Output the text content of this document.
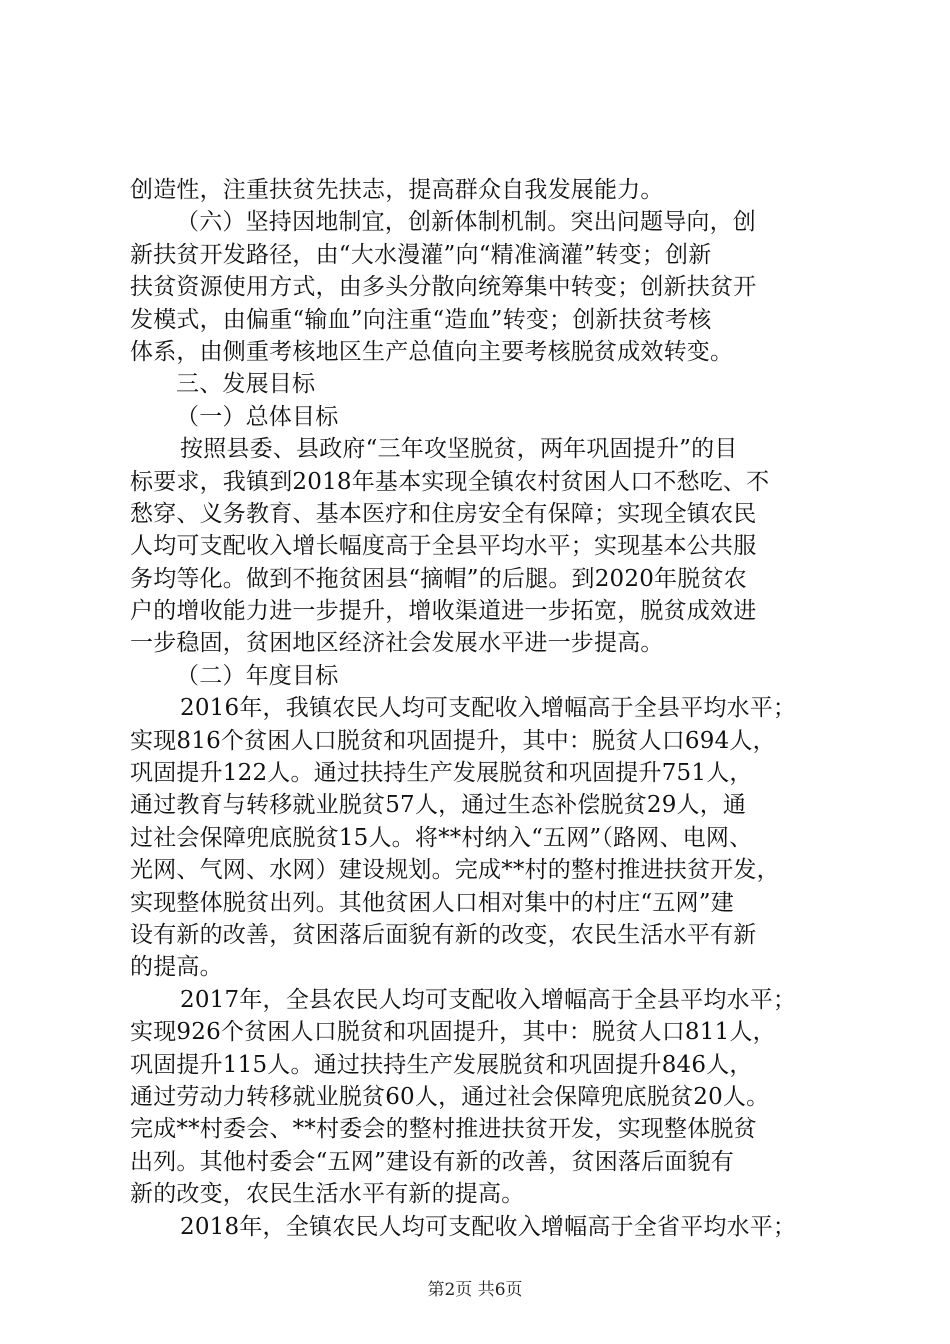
创造性，注重扶贫先扶志，提高群众自我发展能力。
（六）坚持因地制宜，创新体制机制。突出问题导向，创
新扶贫开发路径，由“大水漫灌”向“精准滴灌”转变；创新
扶贫资源使用方式，由多头分散向统筹集中转变；创新扶贫开
发模式，由偏重“输血”向注重“造血”转变；创新扶贫考核
体系，由侧重考核地区生产总值向主要考核脱贫成效转变。
三、发展目标
（一）总体目标
按照县委、县政府“三年攻坚脱贫，两年巩固提升”的目
标要求，我镇到2018年基本实现全镇农村贫困人口不愁吃、不
愁穿、义务教育、基本医疗和住房安全有保障；实现全镇农民
人均可支配收入增长幅度高于全县平均水平；实现基本公共服
务均等化。做到不拖贫困县“摘帽”的后腿。到2020年脱贫农
户的增收能力进一步提升，增收渠道进一步拓宽，脱贫成效进
一步稳固，贫困地区经济社会发展水平进一步提高。
（二）年度目标
2016年，我镇农民人均可支配收入增幅高于全县平均水平；
实现816个贫困人口脱贫和巩固提升，其中：脱贫人口694人，
巩固提升122人。通过扶持生产发展脱贫和巩固提升751人，
通过教育与转移就业脱贫57人，通过生态补偿脱贫29人，通
过社会保障兜底脱贫15人。将**村纳入“五网”（路网、电网、
光网、气网、水网）建设规划。完成**村的整村推进扶贫开发，
实现整体脱贫出列。其他贫困人口相对集中的村庄“五网”建
设有新的改善，贫困落后面貌有新的改变，农民生活水平有新
的提高。
2017年，全县农民人均可支配收入增幅高于全县平均水平；
实现926个贫困人口脱贫和巩固提升，其中：脱贫人口811人，
巩固提升115人。通过扶持生产发展脱贫和巩固提升846人，
通过劳动力转移就业脱贫60人，通过社会保障兜底脱贫20人。
完成**村委会、**村委会的整村推进扶贫开发，实现整体脱贫
出列。其他村委会“五网”建设有新的改善，贫困落后面貌有
新的改变，农民生活水平有新的提高。
2018年，全镇农民人均可支配收入增幅高于全省平均水平；
第2页 共6页
